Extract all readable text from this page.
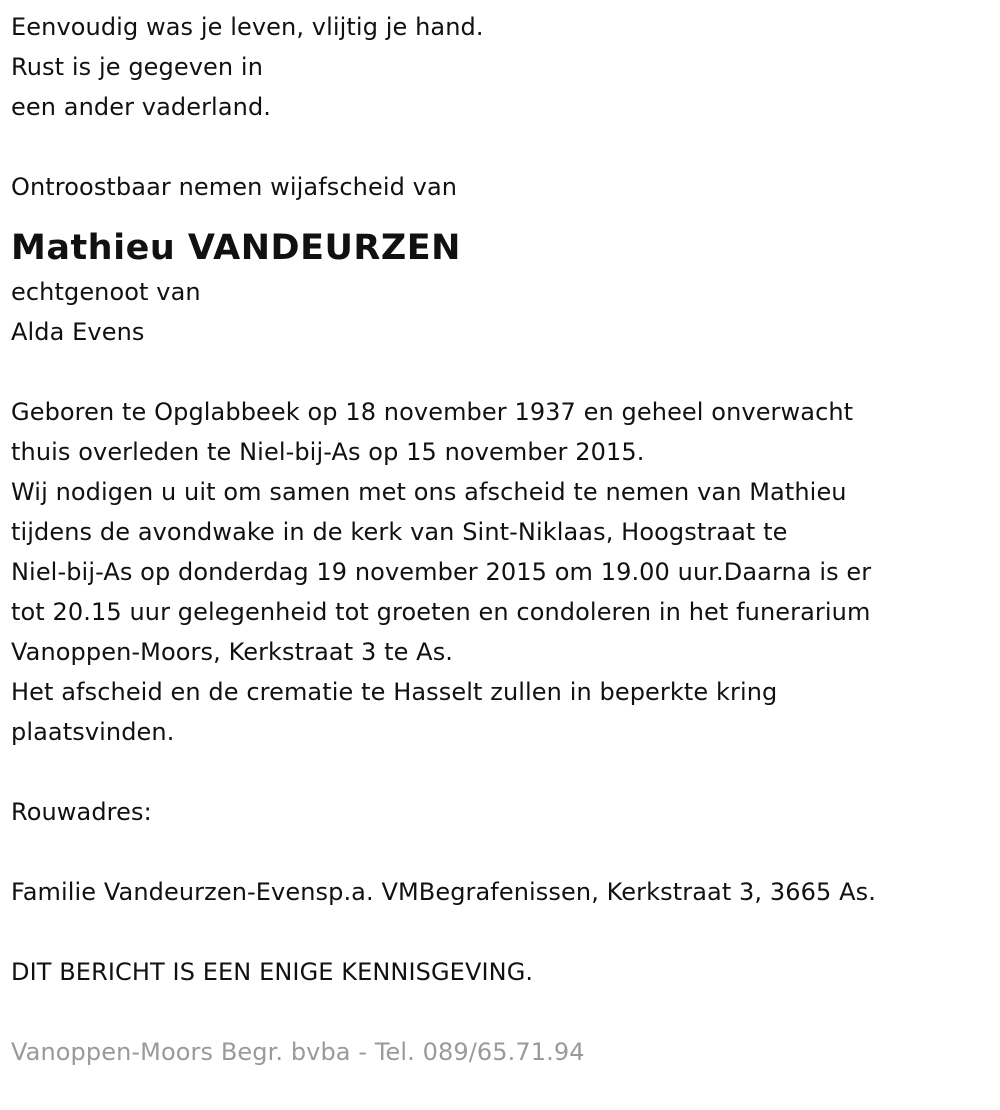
Eenvoudig was je leven, vlijtig je hand.
Rust is je gegeven in
een ander vaderland.
Ontroostbaar nemen wijafscheid van
Mathieu VANDEURZEN
echtgenoot van
Alda Evens
Geboren te Opglabbeek op 18 november 1937 en geheel onverwacht
thuis overleden te Niel-bij-As op 15 november 2015.
Wij nodigen u uit om samen met ons afscheid te nemen van Mathieu
tijdens de avondwake in de kerk van Sint-Niklaas, Hoogstraat te
Niel-bij-As op donderdag 19 november 2015 om 19.00 uur.Daarna is er
tot 20.15 uur gelegenheid tot groeten en condoleren in het funerarium
Vanoppen-Moors, Kerkstraat 3 te As.
Het afscheid en de crematie te Hasselt zullen in beperkte kring
plaatsvinden.
Rouwadres:
Familie Vandeurzen-Evensp.a. VMBegrafenissen, Kerkstraat 3, 3665 As.
DIT BERICHT IS EEN ENIGE KENNISGEVING.
Vanoppen-Moors Begr. bvba - Tel. 089/65.71.94
